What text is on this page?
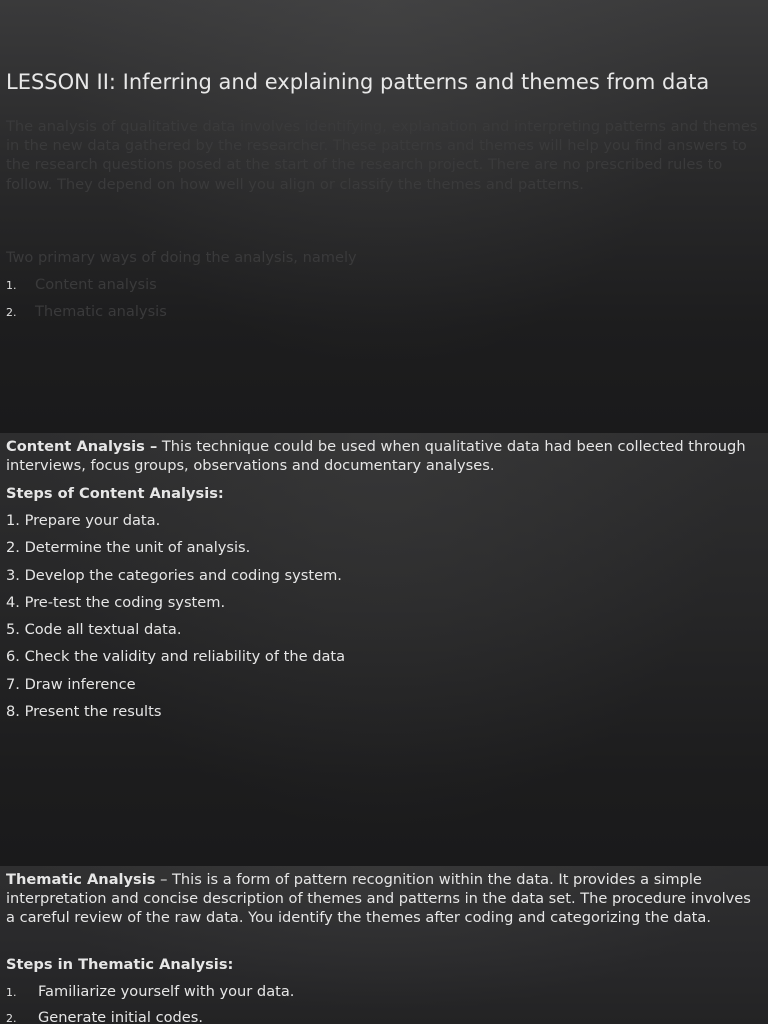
LESSON II: Inferring and explaining patterns and themes from data

The analysis of qualitative data involves identifying, explanation and interpreting patterns and themes in the new data gathered by the researcher. These patterns and themes will help you find answers to the research questions posed at the start of the research project. There are no prescribed rules to follow. They depend on how well you align or classify the themes and patterns.

Two primary ways of doing the analysis, namely

1. Content analysis
2. Thematic analysis

Content Analysis – This technique could be used when qualitative data had been collected through interviews, focus groups, observations and documentary analyses.

Steps of Content Analysis:

1. Prepare your data.
2. Determine the unit of analysis.
3. Develop the categories and coding system.
4. Pre-test the coding system.
5. Code all textual data.
6. Check the validity and reliability of the data
7. Draw inference
8. Present the results

Thematic Analysis – This is a form of pattern recognition within the data. It provides a simple interpretation and concise description of themes and patterns in the data set. The procedure involves a careful review of the raw data. You identify the themes after coding and categorizing the data.

Steps in Thematic Analysis:

1. Familiarize yourself with your data.
2. Generate initial codes.
